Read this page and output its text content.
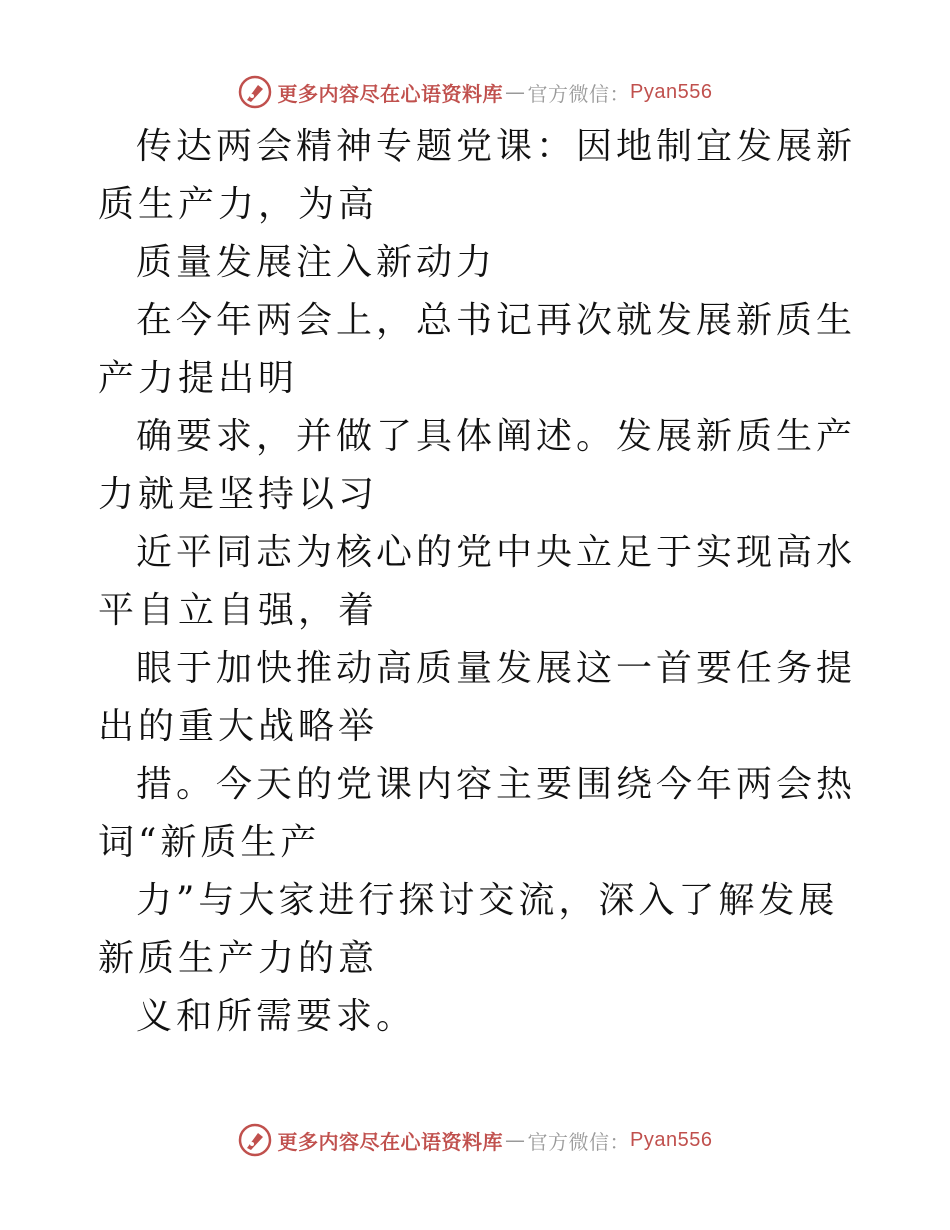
更多内容尽在心语资料库 — 官方微信： Pyan556

传达两会精神专题党课：因地制宜发展新质生产力，为高
质量发展注入新动力

在今年两会上，总书记再次就发展新质生产力提出明
确要求，并做了具体阐述。发展新质生产力就是坚持以习
近平同志为核心的党中央立足于实现高水平自立自强，着
眼于加快推动高质量发展这一首要任务提出的重大战略举
措。今天的党课内容主要围绕今年两会热词“新质生产
力”与大家进行探讨交流，深入了解发展新质生产力的意
义和所需要求。

更多内容尽在心语资料库 — 官方微信： Pyan556
